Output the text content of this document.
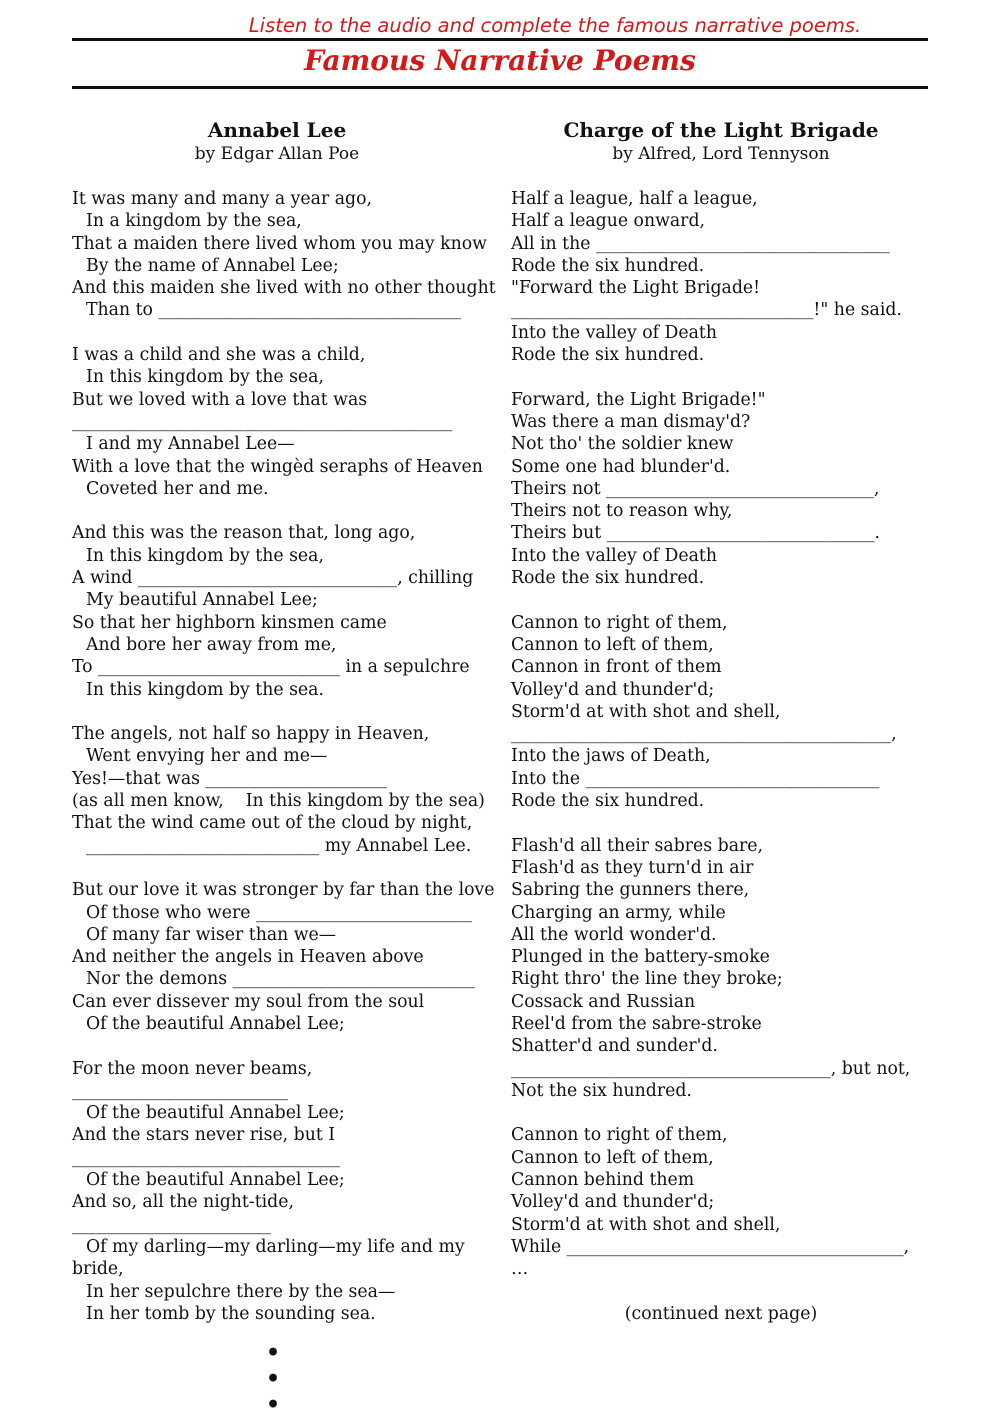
Listen to the audio and complete the famous narrative poems.
Famous Narrative Poems
Annabel Lee
by Edgar Allan Poe
It was many and many a year ago,
In a kingdom by the sea,
That a maiden there lived whom you may know
By the name of Annabel Lee;
And this maiden she lived with no other thought
Than to ___________________________________
I was a child and she was a child,
In this kingdom by the sea,
But we loved with a love that was
____________________________________________
I and my Annabel Lee—
With a love that the wingèd seraphs of Heaven
Coveted her and me.
And this was the reason that, long ago,
In this kingdom by the sea,
A wind ______________________________, chilling
My beautiful Annabel Lee;
So that her highborn kinsmen came
And bore her away from me,
To ____________________________ in a sepulchre
In this kingdom by the sea.
The angels, not half so happy in Heaven,
Went envying her and me—
Yes!—that was _____________________
(as all men know,    In this kingdom by the sea)
That the wind came out of the cloud by night,
___________________________ my Annabel Lee.
But our love it was stronger by far than the love
Of those who were _________________________
Of many far wiser than we—
And neither the angels in Heaven above
Nor the demons ____________________________
Can ever dissever my soul from the soul
Of the beautiful Annabel Lee;
For the moon never beams,
_________________________
Of the beautiful Annabel Lee;
And the stars never rise, but I
_______________________________
Of the beautiful Annabel Lee;
And so, all the night-tide,
_______________________
Of my darling—my darling—my life and my
bride,
In her sepulchre there by the sea—
In her tomb by the sounding sea.
• • •
Charge of the Light Brigade
by Alfred, Lord Tennyson
Half a league, half a league,
Half a league onward,
All in the __________________________________
Rode the six hundred.
"Forward the Light Brigade!
___________________________________!" he said.
Into the valley of Death
Rode the six hundred.
Forward, the Light Brigade!"
Was there a man dismay'd?
Not tho' the soldier knew
Some one had blunder'd.
Theirs not _______________________________,
Theirs not to reason why,
Theirs but _______________________________.
Into the valley of Death
Rode the six hundred.
Cannon to right of them,
Cannon to left of them,
Cannon in front of them
Volley'd and thunder'd;
Storm'd at with shot and shell,
____________________________________________,
Into the jaws of Death,
Into the __________________________________
Rode the six hundred.
Flash'd all their sabres bare,
Flash'd as they turn'd in air
Sabring the gunners there,
Charging an army, while
All the world wonder'd.
Plunged in the battery-smoke
Right thro' the line they broke;
Cossack and Russian
Reel'd from the sabre-stroke
Shatter'd and sunder'd.
_____________________________________, but not,
Not the six hundred.
Cannon to right of them,
Cannon to left of them,
Cannon behind them
Volley'd and thunder'd;
Storm'd at with shot and shell,
While _______________________________________,
…
(continued next page)
